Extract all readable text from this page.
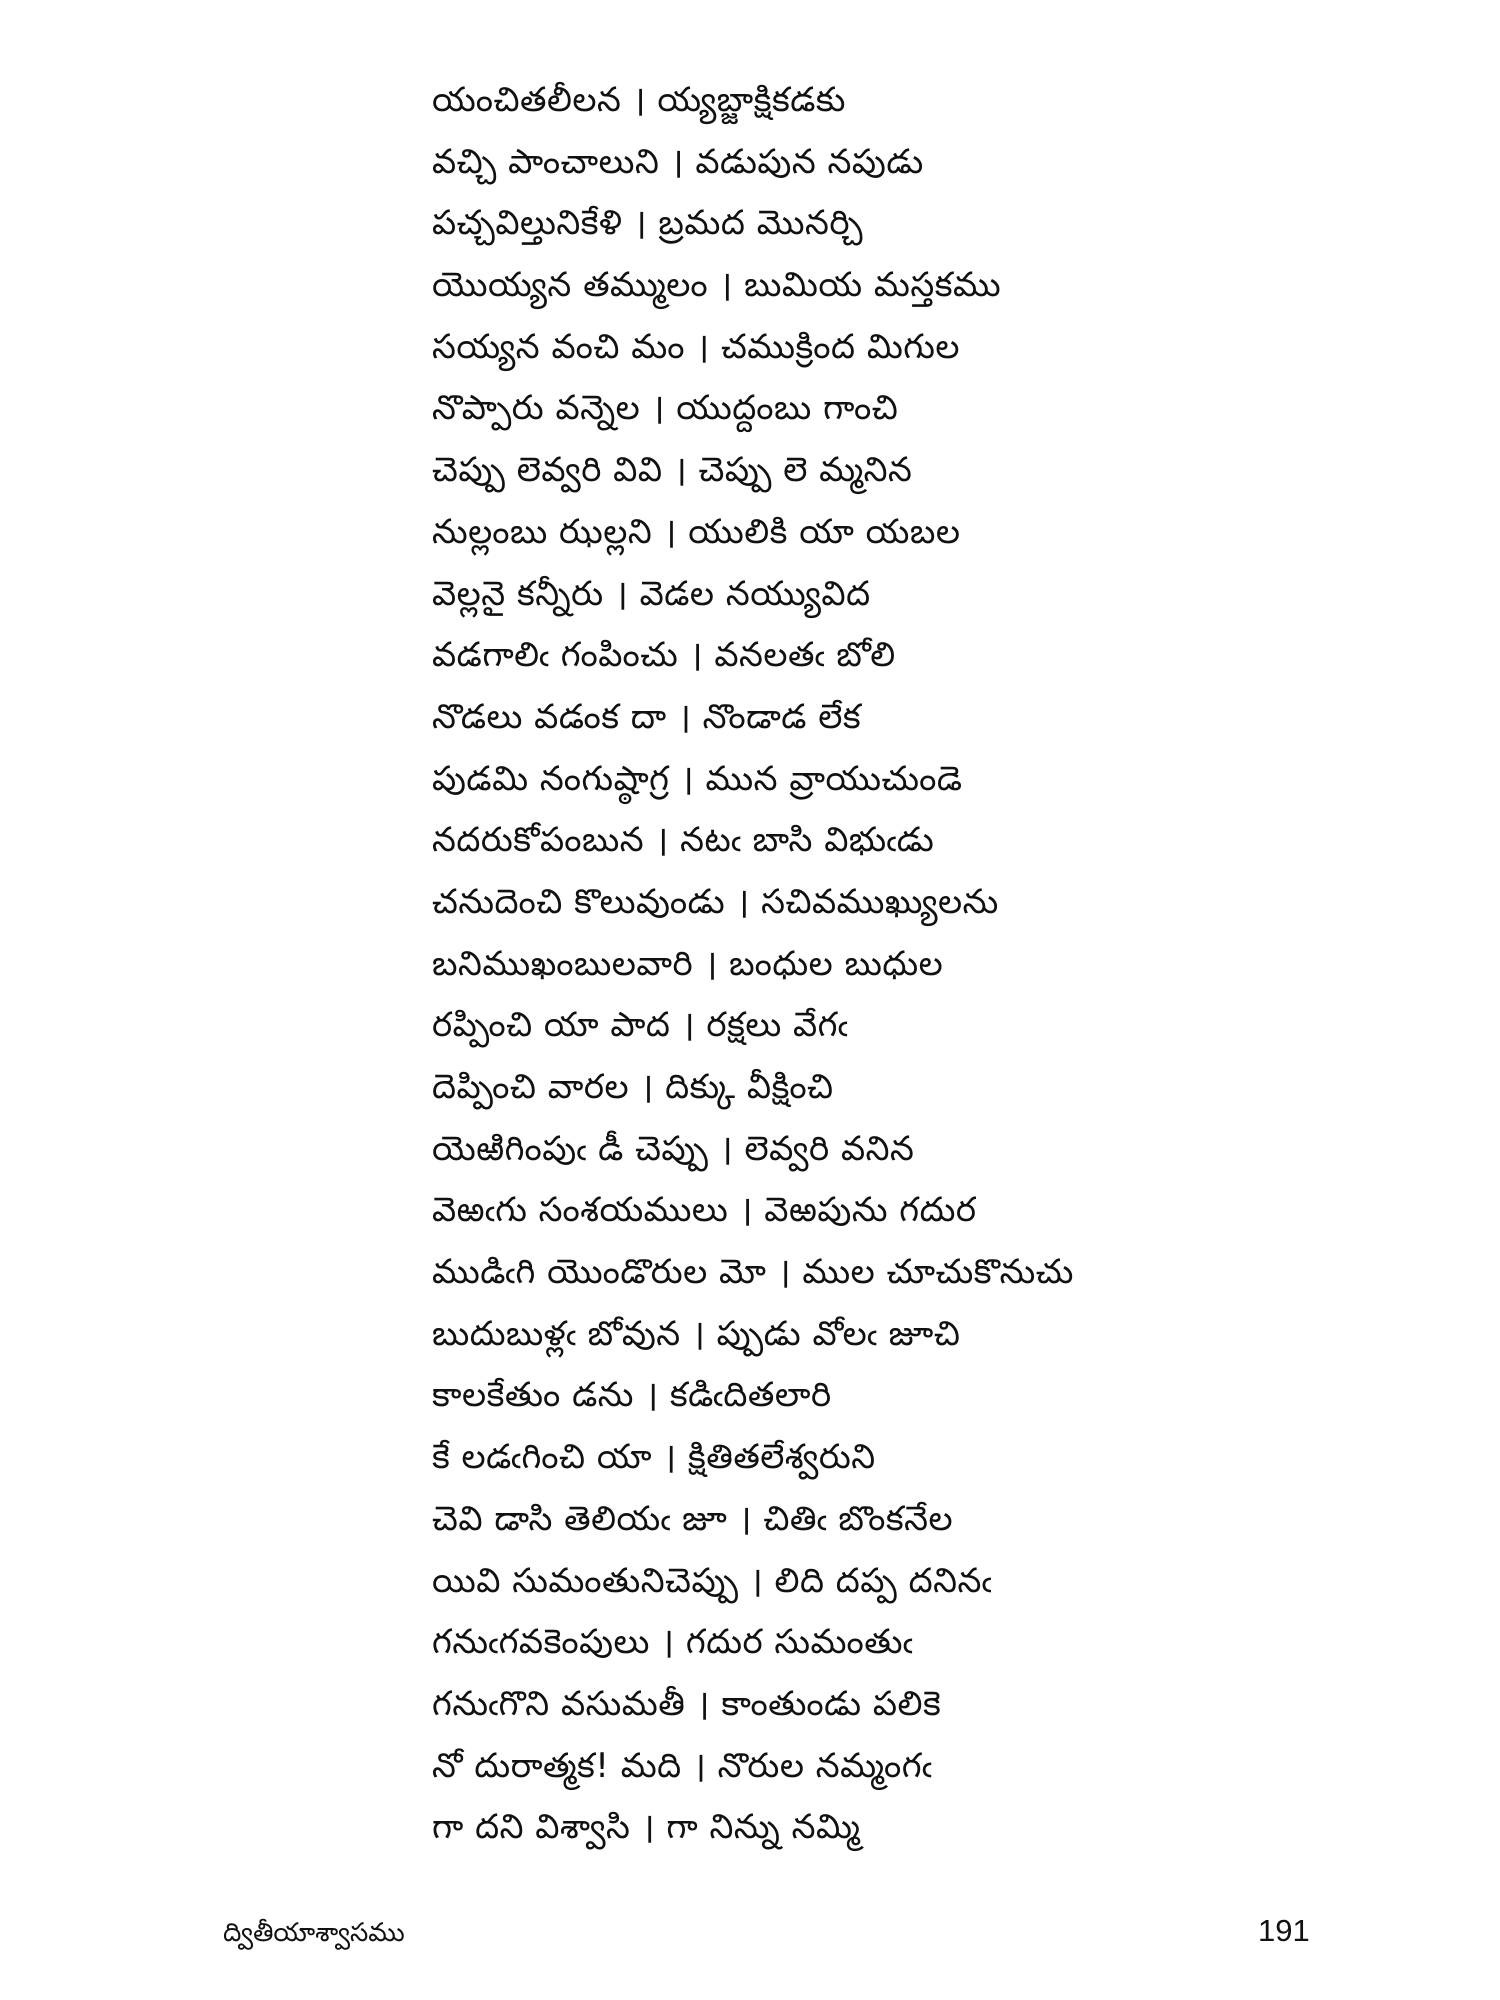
యంచితలీలన । య్యబ్జాక్షికడకు
వచ్చి పాంచాలుని । వడుపున నపుడు
పచ్చవిల్తునికేళి । బ్రమద మొనర్చి
యొయ్యన తమ్ములం । బుమియ మస్తకము
సయ్యన వంచి మం । చముక్రింద మిగుల
నొప్పారు వన్నెల । యుద్దంబు గాంచి
చెప్పు లెవ్వరి వివి । చెప్పు లె మ్మనిన
నుల్లంబు ఝల్లని । యులికి యా యబల
వెల్లనై కన్నీరు । వెడల నయ్యువిద
వడగాలిఁ గంపించు । వనలతఁ బోలి
నొడలు వడంక దా । నొండాడ లేక
పుడమి నంగుష్ఠాగ్ర । మున వ్రాయుచుండె
నదరుకోపంబున । నటఁ బాసి విభుఁడు
చనుదెంచి కొలువుండు । సచివముఖ్యులను
బనిముఖంబులవారి । బంధుల బుధుల
రప్పించి యా పాద । రక్షలు వేగఁ
దెప్పించి వారల । దిక్కు వీక్షించి
యెఱిగింపుఁ డీ చెప్పు । లెవ్వరి వనిన
వెఱఁగు సంశయములు । వెఱపును గదుర
ముడిఁగి యొండొరుల మో । ముల చూచుకొనుచు
బుదుబుళ్లఁ బోవున । ప్పుడు వోలఁ జూచి
కాలకేతుం డను । కడిఁదితలారి
కే లడఁగించి యా । క్షితితలేశ్వరుని
చెవి డాసి తెలియఁ జూ । చితిఁ బొంకనేల
యివి సుమంతునిచెప్పు । లిది దప్ప దనినఁ
గనుఁగవకెంపులు । గదుర సుమంతుఁ
గనుఁగొని వసుమతీ । కాంతుండు పలికె
నో దురాత్మక! మది । నొరుల నమ్మంగఁ
గా దని విశ్వాసి । గా నిన్ను నమ్మి
ద్వితీయాశ్వాసము	191
